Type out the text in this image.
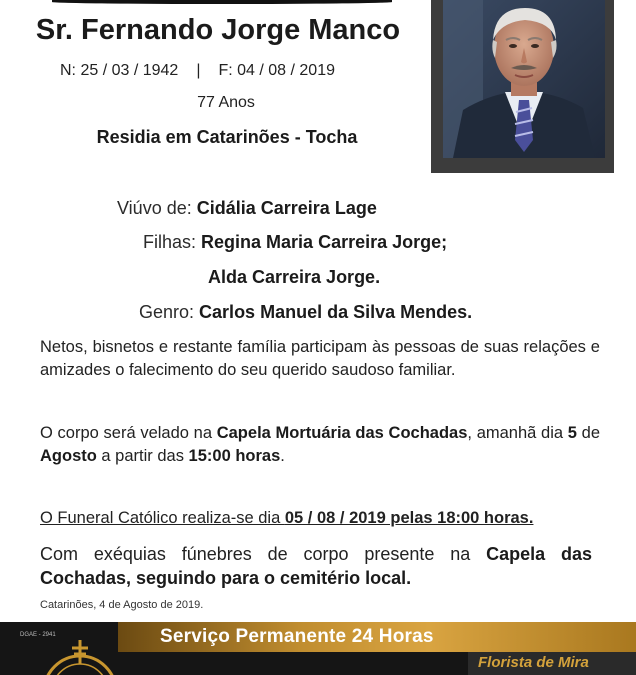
Sr. Fernando Jorge Manco
N: 25 / 03 / 1942 | F: 04 / 08 / 2019
77 Anos
Residia em Catarinões - Tocha
Viúvo de: Cidália Carreira Lage
Filhas: Regina Maria Carreira Jorge;
Alda Carreira Jorge.
Genro: Carlos Manuel da Silva Mendes.
Netos, bisnetos e restante família participam às pessoas de suas relações e amizades o falecimento do seu querido saudoso familiar.
O corpo será velado na Capela Mortuária das Cochadas, amanhã dia 5 de Agosto a partir das 15:00 horas.
O Funeral Católico realiza-se dia 05 / 08 / 2019 pelas 18:00 horas.
Com exéquias fúnebres de corpo presente na Capela das Cochadas, seguindo para o cemitério local.
Catarinões, 4 de Agosto de 2019.
DGAE - 2941	Serviço Permanente 24 Horas
Florista de Mira
